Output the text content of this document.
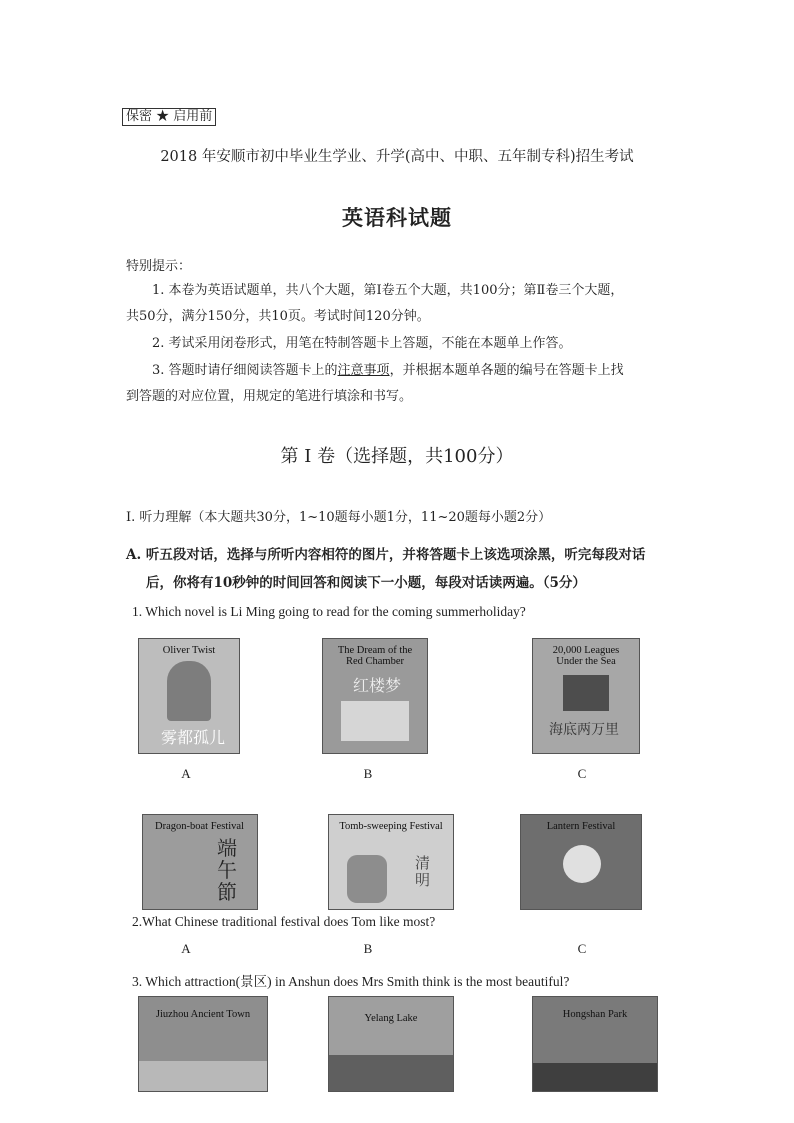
保密 ★ 启用前
2018 年安顺市初中毕业生学业、升学(高中、中职、五年制专科)招生考试
英语科试题
特别提示：
1. 本卷为英语试题单，共八个大题，第Ⅰ卷五个大题，共100分；第Ⅱ卷三个大题，
共50分，满分150分，共10页。考试时间120分钟。
2. 考试采用闭卷形式，用笔在特制答题卡上答题，不能在本题单上作答。
3. 答题时请仔细阅读答题卡上的注意事项，并根据本题单各题的编号在答题卡上找
到答题的对应位置，用规定的笔进行填涂和书写。
第 Ⅰ 卷（选择题，共100分）
Ⅰ. 听力理解（本大题共30分，1~10题每小题1分，11~20题每小题2分）
A. 听五段对话，选择与所听内容相符的图片，并将答题卡上该选项涂黑，听完每段对话
后，你将有10秒钟的时间回答和阅读下一小题，每段对话读两遍。（5分）
1. Which novel is Li Ming going to read for the coming summerholiday?
Oliver Twist
雾都孤儿
The Dream of the Red Chamber
红楼梦
20,000 Leagues Under the Sea
海底两万里
A	B	C
Dragon-boat Festival
端午節
Tomb-sweeping Festival
清明
Lantern Festival
2.What Chinese traditional festival does Tom like most?
A	B	C
3. Which attraction(景区) in Anshun does Mrs Smith think is the most beautiful?
Jiuzhou Ancient Town	Yelang Lake	Hongshan Park
